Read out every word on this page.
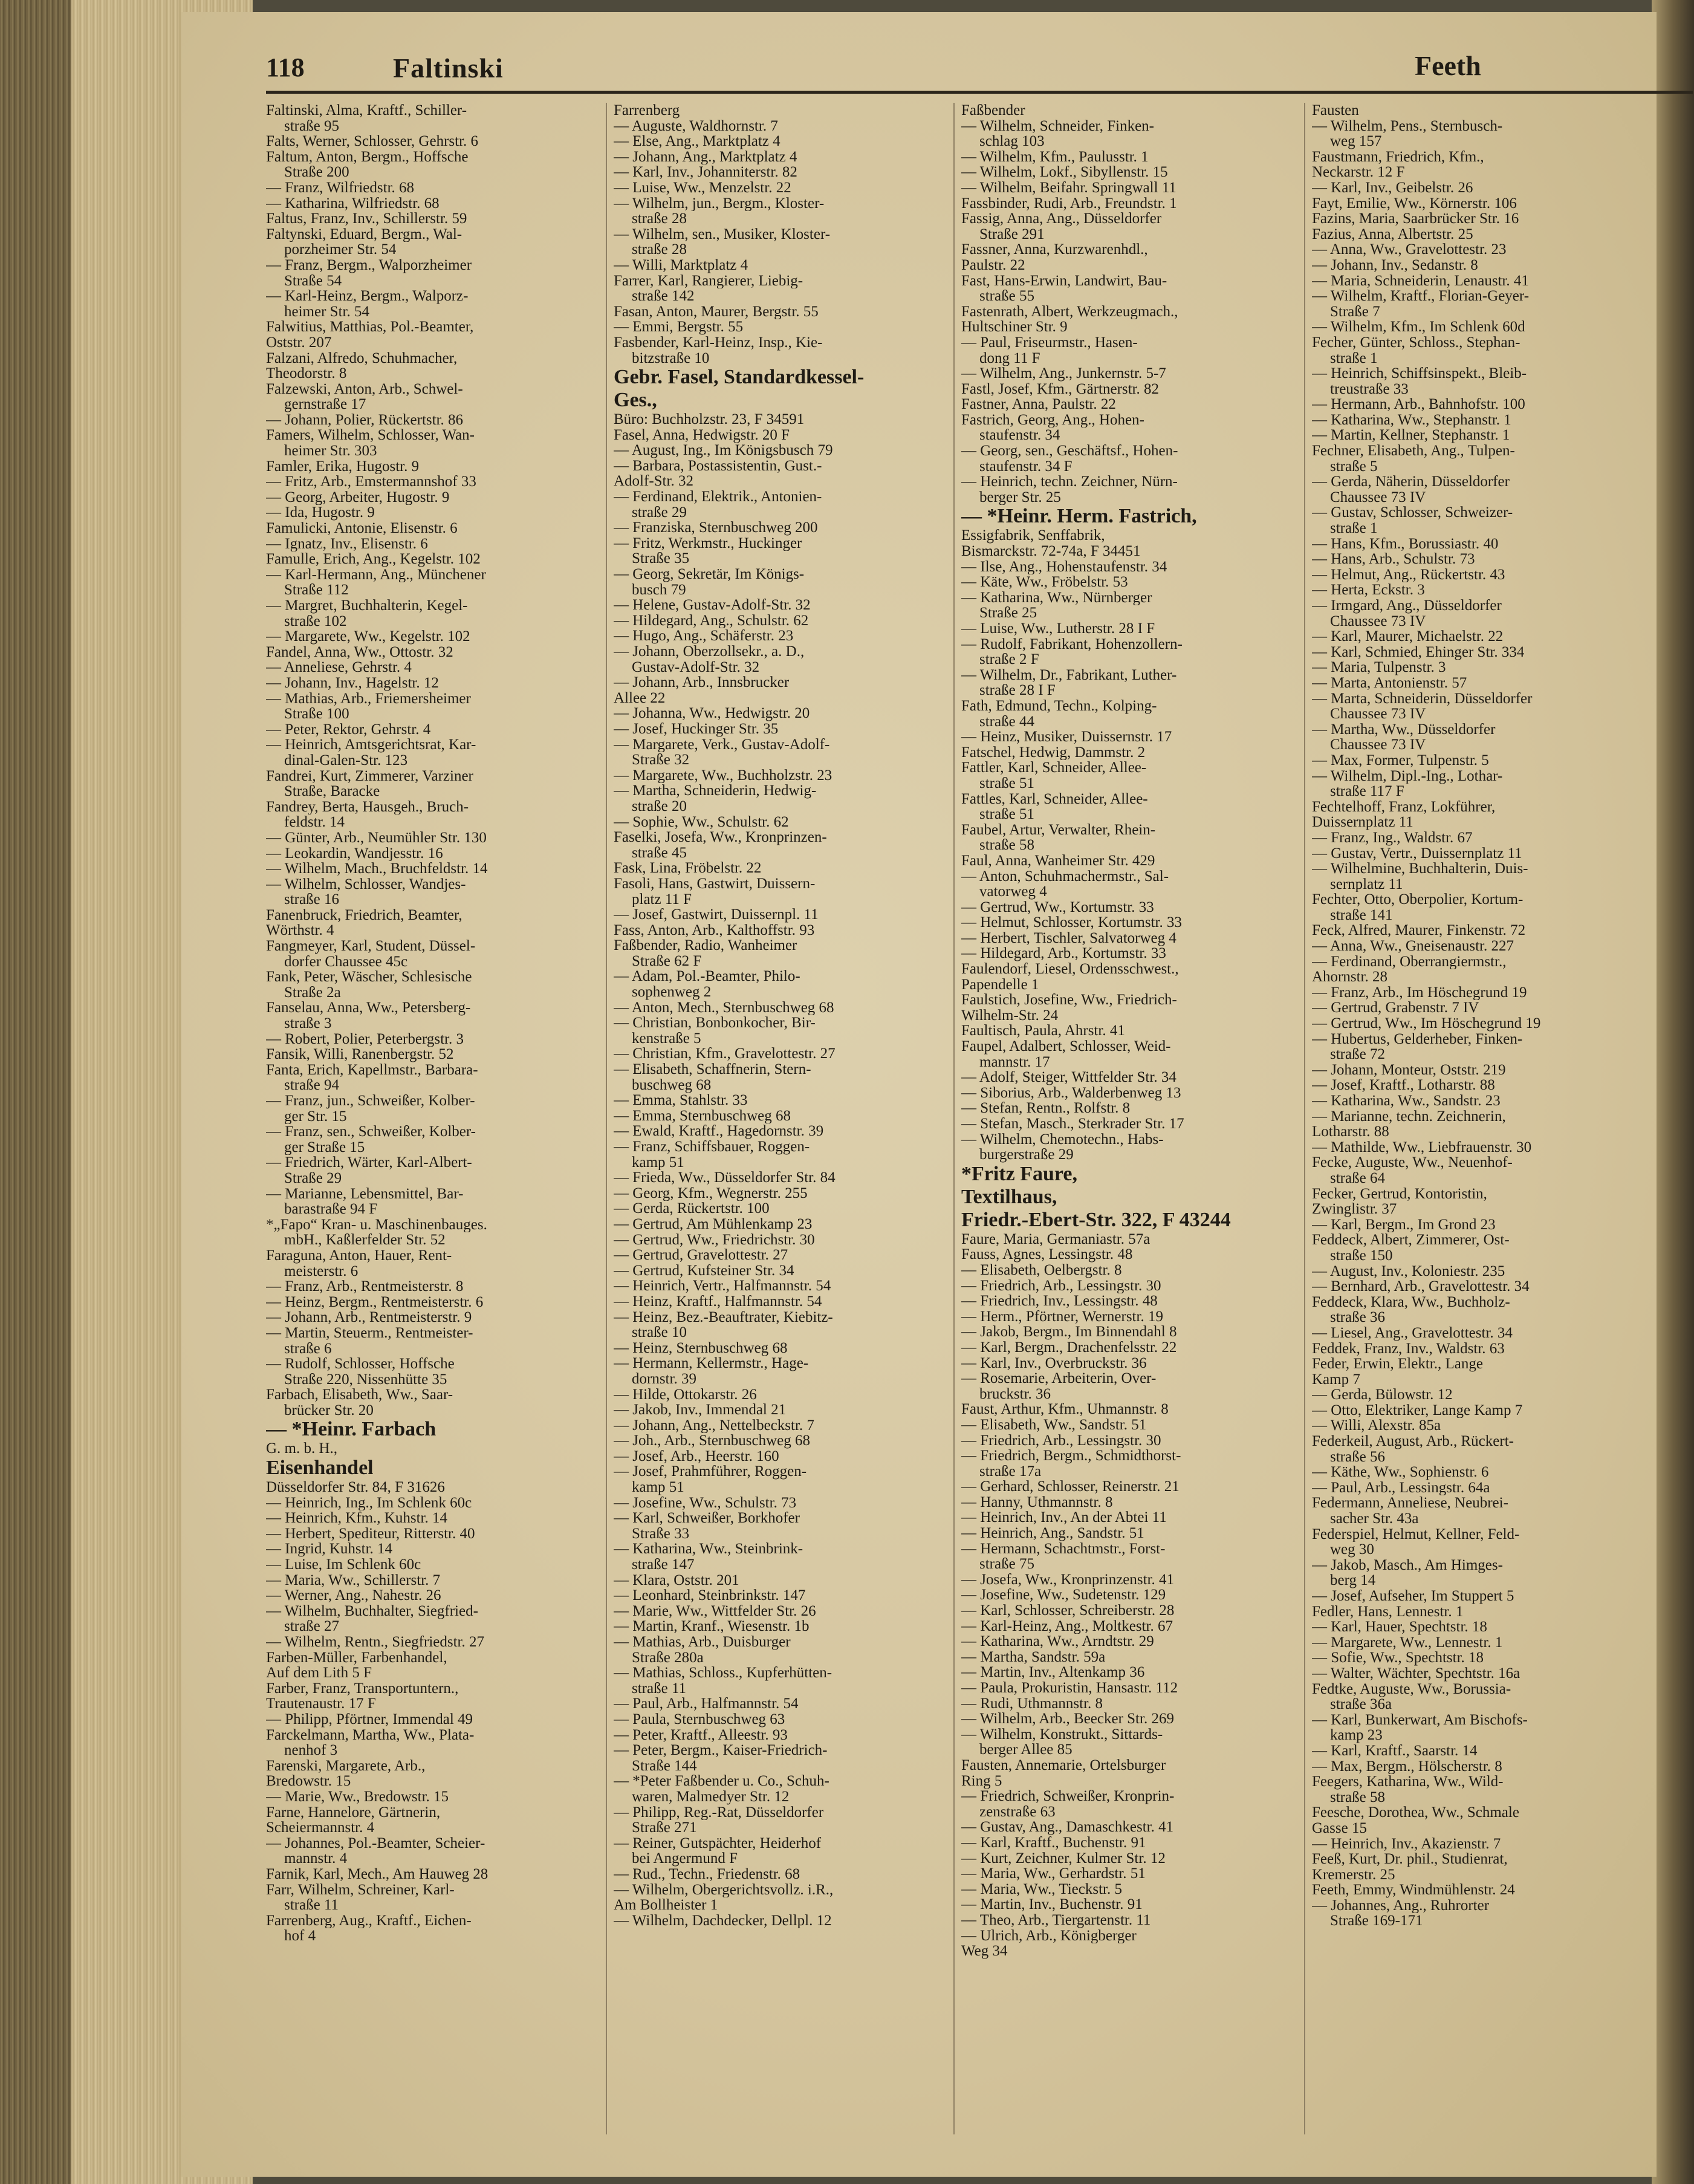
118	Faltinski	Feeth
Faltinski, Alma, Kraftf., Schiller-
straße 95
Falts, Werner, Schlosser, Gehrstr. 6
Faltum, Anton, Bergm., Hoffsche
Straße 200
— Franz, Wilfriedstr. 68
— Katharina, Wilfriedstr. 68
Faltus, Franz, Inv., Schillerstr. 59
Faltynski, Eduard, Bergm., Wal-
porzheimer Str. 54
— Franz, Bergm., Walporzheimer
Straße 54
— Karl-Heinz, Bergm., Walporz-
heimer Str. 54
Falwitius, Matthias, Pol.-Beamter,
Oststr. 207
Falzani, Alfredo, Schuhmacher,
Theodorstr. 8
Falzewski, Anton, Arb., Schwel-
gernstraße 17
— Johann, Polier, Rückertstr. 86
Famers, Wilhelm, Schlosser, Wan-
heimer Str. 303
Famler, Erika, Hugostr. 9
— Fritz, Arb., Emstermannshof 33
— Georg, Arbeiter, Hugostr. 9
— Ida, Hugostr. 9
Famulicki, Antonie, Elisenstr. 6
— Ignatz, Inv., Elisenstr. 6
Famulle, Erich, Ang., Kegelstr. 102
— Karl-Hermann, Ang., Münchener
Straße 112
— Margret, Buchhalterin, Kegel-
straße 102
— Margarete, Ww., Kegelstr. 102
Fandel, Anna, Ww., Ottostr. 32
— Anneliese, Gehrstr. 4
— Johann, Inv., Hagelstr. 12
— Mathias, Arb., Friemersheimer
Straße 100
— Peter, Rektor, Gehrstr. 4
— Heinrich, Amtsgerichtsrat, Kar-
dinal-Galen-Str. 123
Fandrei, Kurt, Zimmerer, Varziner
Straße, Baracke
Fandrey, Berta, Hausgeh., Bruch-
feldstr. 14
— Günter, Arb., Neumühler Str. 130
— Leokardin, Wandjesstr. 16
— Wilhelm, Mach., Bruchfeldstr. 14
— Wilhelm, Schlosser, Wandjes-
straße 16
Fanenbruck, Friedrich, Beamter,
Wörthstr. 4
Fangmeyer, Karl, Student, Düssel-
dorfer Chaussee 45c
Fank, Peter, Wäscher, Schlesische
Straße 2a
Fanselau, Anna, Ww., Petersberg-
straße 3
— Robert, Polier, Peterbergstr. 3
Fansik, Willi, Ranenbergstr. 52
Fanta, Erich, Kapellmstr., Barbara-
straße 94
— Franz, jun., Schweißer, Kolber-
ger Str. 15
— Franz, sen., Schweißer, Kolber-
ger Straße 15
— Friedrich, Wärter, Karl-Albert-
Straße 29
— Marianne, Lebensmittel, Bar-
barastraße 94 F
*„Fapo“ Kran- u. Maschinenbauges.
mbH., Kaßlerfelder Str. 52
Faraguna, Anton, Hauer, Rent-
meisterstr. 6
— Franz, Arb., Rentmeisterstr. 8
— Heinz, Bergm., Rentmeisterstr. 6
— Johann, Arb., Rentmeisterstr. 9
— Martin, Steuerm., Rentmeister-
straße 6
— Rudolf, Schlosser, Hoffsche
Straße 220, Nissenhütte 35
Farbach, Elisabeth, Ww., Saar-
brücker Str. 20
— *Heinr. Farbach
G. m. b. H.,
Eisenhandel
Düsseldorfer Str. 84, F 31626
— Heinrich, Ing., Im Schlenk 60c
— Heinrich, Kfm., Kuhstr. 14
— Herbert, Spediteur, Ritterstr. 40
— Ingrid, Kuhstr. 14
— Luise, Im Schlenk 60c
— Maria, Ww., Schillerstr. 7
— Werner, Ang., Nahestr. 26
— Wilhelm, Buchhalter, Siegfried-
straße 27
— Wilhelm, Rentn., Siegfriedstr. 27
Farben-Müller, Farbenhandel,
Auf dem Lith 5 F
Farber, Franz, Transportuntern.,
Trautenaustr. 17 F
— Philipp, Pförtner, Immendal 49
Farckelmann, Martha, Ww., Plata-
nenhof 3
Farenski, Margarete, Arb.,
Bredowstr. 15
— Marie, Ww., Bredowstr. 15
Farne, Hannelore, Gärtnerin,
Scheiermannstr. 4
— Johannes, Pol.-Beamter, Scheier-
mannstr. 4
Farnik, Karl, Mech., Am Hauweg 28
Farr, Wilhelm, Schreiner, Karl-
straße 11
Farrenberg, Aug., Kraftf., Eichen-
hof 4
Farrenberg
— Auguste, Waldhornstr. 7
— Else, Ang., Marktplatz 4
— Johann, Ang., Marktplatz 4
— Karl, Inv., Johanniterstr. 82
— Luise, Ww., Menzelstr. 22
— Wilhelm, jun., Bergm., Kloster-
straße 28
— Wilhelm, sen., Musiker, Kloster-
straße 28
— Willi, Marktplatz 4
Farrer, Karl, Rangierer, Liebig-
straße 142
Fasan, Anton, Maurer, Bergstr. 55
— Emmi, Bergstr. 55
Fasbender, Karl-Heinz, Insp., Kie-
bitzstraße 10
Gebr. Fasel, Standardkessel-
Ges.,
Büro: Buchholzstr. 23, F 34591
Fasel, Anna, Hedwigstr. 20 F
— August, Ing., Im Königsbusch 79
— Barbara, Postassistentin, Gust.-
Adolf-Str. 32
— Ferdinand, Elektrik., Antonien-
straße 29
— Franziska, Sternbuschweg 200
— Fritz, Werkmstr., Huckinger
Straße 35
— Georg, Sekretär, Im Königs-
busch 79
— Helene, Gustav-Adolf-Str. 32
— Hildegard, Ang., Schulstr. 62
— Hugo, Ang., Schäferstr. 23
— Johann, Oberzollsekr., a. D.,
Gustav-Adolf-Str. 32
— Johann, Arb., Innsbrucker
Allee 22
— Johanna, Ww., Hedwigstr. 20
— Josef, Huckinger Str. 35
— Margarete, Verk., Gustav-Adolf-
Straße 32
— Margarete, Ww., Buchholzstr. 23
— Martha, Schneiderin, Hedwig-
straße 20
— Sophie, Ww., Schulstr. 62
Faselki, Josefa, Ww., Kronprinzen-
straße 45
Fask, Lina, Fröbelstr. 22
Fasoli, Hans, Gastwirt, Duissern-
platz 11 F
— Josef, Gastwirt, Duissernpl. 11
Fass, Anton, Arb., Kalthoffstr. 93
Faßbender, Radio, Wanheimer
Straße 62 F
— Adam, Pol.-Beamter, Philo-
sophenweg 2
— Anton, Mech., Sternbuschweg 68
— Christian, Bonbonkocher, Bir-
kenstraße 5
— Christian, Kfm., Gravelottestr. 27
— Elisabeth, Schaffnerin, Stern-
buschweg 68
— Emma, Stahlstr. 33
— Emma, Sternbuschweg 68
— Ewald, Kraftf., Hagedornstr. 39
— Franz, Schiffsbauer, Roggen-
kamp 51
— Frieda, Ww., Düsseldorfer Str. 84
— Georg, Kfm., Wegnerstr. 255
— Gerda, Rückertstr. 100
— Gertrud, Am Mühlenkamp 23
— Gertrud, Ww., Friedrichstr. 30
— Gertrud, Gravelottestr. 27
— Gertrud, Kufsteiner Str. 34
— Heinrich, Vertr., Halfmannstr. 54
— Heinz, Kraftf., Halfmannstr. 54
— Heinz, Bez.-Beauftrater, Kiebitz-
straße 10
— Heinz, Sternbuschweg 68
— Hermann, Kellermstr., Hage-
dornstr. 39
— Hilde, Ottokarstr. 26
— Jakob, Inv., Immendal 21
— Johann, Ang., Nettelbeckstr. 7
— Joh., Arb., Sternbuschweg 68
— Josef, Arb., Heerstr. 160
— Josef, Prahmführer, Roggen-
kamp 51
— Josefine, Ww., Schulstr. 73
— Karl, Schweißer, Borkhofer
Straße 33
— Katharina, Ww., Steinbrink-
straße 147
— Klara, Oststr. 201
— Leonhard, Steinbrinkstr. 147
— Marie, Ww., Wittfelder Str. 26
— Martin, Kranf., Wiesenstr. 1b
— Mathias, Arb., Duisburger
Straße 280a
— Mathias, Schloss., Kupferhütten-
straße 11
— Paul, Arb., Halfmannstr. 54
— Paula, Sternbuschweg 63
— Peter, Kraftf., Alleestr. 93
— Peter, Bergm., Kaiser-Friedrich-
Straße 144
— *Peter Faßbender u. Co., Schuh-
waren, Malmedyer Str. 12
— Philipp, Reg.-Rat, Düsseldorfer
Straße 271
— Reiner, Gutspächter, Heiderhof
bei Angermund F
— Rud., Techn., Friedenstr. 68
— Wilhelm, Obergerichtsvollz. i.R.,
Am Bollheister 1
— Wilhelm, Dachdecker, Dellpl. 12
Faßbender
— Wilhelm, Schneider, Finken-
schlag 103
— Wilhelm, Kfm., Paulusstr. 1
— Wilhelm, Lokf., Sibyllenstr. 15
— Wilhelm, Beifahr. Springwall 11
Fassbinder, Rudi, Arb., Freundstr. 1
Fassig, Anna, Ang., Düsseldorfer
Straße 291
Fassner, Anna, Kurzwarenhdl.,
Paulstr. 22
Fast, Hans-Erwin, Landwirt, Bau-
straße 55
Fastenrath, Albert, Werkzeugmach.,
Hultschiner Str. 9
— Paul, Friseurmstr., Hasen-
dong 11 F
— Wilhelm, Ang., Junkernstr. 5-7
Fastl, Josef, Kfm., Gärtnerstr. 82
Fastner, Anna, Paulstr. 22
Fastrich, Georg, Ang., Hohen-
staufenstr. 34
— Georg, sen., Geschäftsf., Hohen-
staufenstr. 34 F
— Heinrich, techn. Zeichner, Nürn-
berger Str. 25
— *Heinr. Herm. Fastrich,
Essigfabrik, Senffabrik,
Bismarckstr. 72-74a, F 34451
— Ilse, Ang., Hohenstaufenstr. 34
— Käte, Ww., Fröbelstr. 53
— Katharina, Ww., Nürnberger
Straße 25
— Luise, Ww., Lutherstr. 28 I F
— Rudolf, Fabrikant, Hohenzollern-
straße 2 F
— Wilhelm, Dr., Fabrikant, Luther-
straße 28 I F
Fath, Edmund, Techn., Kolping-
straße 44
— Heinz, Musiker, Duissernstr. 17
Fatschel, Hedwig, Dammstr. 2
Fattler, Karl, Schneider, Allee-
straße 51
Fattles, Karl, Schneider, Allee-
straße 51
Faubel, Artur, Verwalter, Rhein-
straße 58
Faul, Anna, Wanheimer Str. 429
— Anton, Schuhmachermstr., Sal-
vatorweg 4
— Gertrud, Ww., Kortumstr. 33
— Helmut, Schlosser, Kortumstr. 33
— Herbert, Tischler, Salvatorweg 4
— Hildegard, Arb., Kortumstr. 33
Faulendorf, Liesel, Ordensschwest.,
Papendelle 1
Faulstich, Josefine, Ww., Friedrich-
Wilhelm-Str. 24
Faultisch, Paula, Ahrstr. 41
Faupel, Adalbert, Schlosser, Weid-
mannstr. 17
— Adolf, Steiger, Wittfelder Str. 34
— Siborius, Arb., Walderbenweg 13
— Stefan, Rentn., Rolfstr. 8
— Stefan, Masch., Sterkrader Str. 17
— Wilhelm, Chemotechn., Habs-
burgerstraße 29
*Fritz Faure,
Textilhaus,
Friedr.-Ebert-Str. 322, F 43244
Faure, Maria, Germaniastr. 57a
Fauss, Agnes, Lessingstr. 48
— Elisabeth, Oelbergstr. 8
— Friedrich, Arb., Lessingstr. 30
— Friedrich, Inv., Lessingstr. 48
— Herm., Pförtner, Wernerstr. 19
— Jakob, Bergm., Im Binnendahl 8
— Karl, Bergm., Drachenfelsstr. 22
— Karl, Inv., Overbruckstr. 36
— Rosemarie, Arbeiterin, Over-
bruckstr. 36
Faust, Arthur, Kfm., Uhmannstr. 8
— Elisabeth, Ww., Sandstr. 51
— Friedrich, Arb., Lessingstr. 30
— Friedrich, Bergm., Schmidthorst-
straße 17a
— Gerhard, Schlosser, Reinerstr. 21
— Hanny, Uthmannstr. 8
— Heinrich, Inv., An der Abtei 11
— Heinrich, Ang., Sandstr. 51
— Hermann, Schachtmstr., Forst-
straße 75
— Josefa, Ww., Kronprinzenstr. 41
— Josefine, Ww., Sudetenstr. 129
— Karl, Schlosser, Schreiberstr. 28
— Karl-Heinz, Ang., Moltkestr. 67
— Katharina, Ww., Arndtstr. 29
— Martha, Sandstr. 59a
— Martin, Inv., Altenkamp 36
— Paula, Prokuristin, Hansastr. 112
— Rudi, Uthmannstr. 8
— Wilhelm, Arb., Beecker Str. 269
— Wilhelm, Konstrukt., Sittards-
berger Allee 85
Fausten, Annemarie, Ortelsburger
Ring 5
— Friedrich, Schweißer, Kronprin-
zenstraße 63
— Gustav, Ang., Damaschkestr. 41
— Karl, Kraftf., Buchenstr. 91
— Kurt, Zeichner, Kulmer Str. 12
— Maria, Ww., Gerhardstr. 51
— Maria, Ww., Tieckstr. 5
— Martin, Inv., Buchenstr. 91
— Theo, Arb., Tiergartenstr. 11
— Ulrich, Arb., Königberger
Weg 34
Fausten
— Wilhelm, Pens., Sternbusch-
weg 157
Faustmann, Friedrich, Kfm.,
Neckarstr. 12 F
— Karl, Inv., Geibelstr. 26
Fayt, Emilie, Ww., Körnerstr. 106
Fazins, Maria, Saarbrücker Str. 16
Fazius, Anna, Albertstr. 25
— Anna, Ww., Gravelottestr. 23
— Johann, Inv., Sedanstr. 8
— Maria, Schneiderin, Lenaustr. 41
— Wilhelm, Kraftf., Florian-Geyer-
Straße 7
— Wilhelm, Kfm., Im Schlenk 60d
Fecher, Günter, Schloss., Stephan-
straße 1
— Heinrich, Schiffsinspekt., Bleib-
treustraße 33
— Hermann, Arb., Bahnhofstr. 100
— Katharina, Ww., Stephanstr. 1
— Martin, Kellner, Stephanstr. 1
Fechner, Elisabeth, Ang., Tulpen-
straße 5
— Gerda, Näherin, Düsseldorfer
Chaussee 73 IV
— Gustav, Schlosser, Schweizer-
straße 1
— Hans, Kfm., Borussiastr. 40
— Hans, Arb., Schulstr. 73
— Helmut, Ang., Rückertstr. 43
— Herta, Eckstr. 3
— Irmgard, Ang., Düsseldorfer
Chaussee 73 IV
— Karl, Maurer, Michaelstr. 22
— Karl, Schmied, Ehinger Str. 334
— Maria, Tulpenstr. 3
— Marta, Antonienstr. 57
— Marta, Schneiderin, Düsseldorfer
Chaussee 73 IV
— Martha, Ww., Düsseldorfer
Chaussee 73 IV
— Max, Former, Tulpenstr. 5
— Wilhelm, Dipl.-Ing., Lothar-
straße 117 F
Fechtelhoff, Franz, Lokführer,
Duissernplatz 11
— Franz, Ing., Waldstr. 67
— Gustav, Vertr., Duissernplatz 11
— Wilhelmine, Buchhalterin, Duis-
sernplatz 11
Fechter, Otto, Oberpolier, Kortum-
straße 141
Feck, Alfred, Maurer, Finkenstr. 72
— Anna, Ww., Gneisenaustr. 227
— Ferdinand, Oberrangiermstr.,
Ahornstr. 28
— Franz, Arb., Im Höschegrund 19
— Gertrud, Grabenstr. 7 IV
— Gertrud, Ww., Im Höschegrund 19
— Hubertus, Gelderheber, Finken-
straße 72
— Johann, Monteur, Oststr. 219
— Josef, Kraftf., Lotharstr. 88
— Katharina, Ww., Sandstr. 23
— Marianne, techn. Zeichnerin,
Lotharstr. 88
— Mathilde, Ww., Liebfrauenstr. 30
Fecke, Auguste, Ww., Neuenhof-
straße 64
Fecker, Gertrud, Kontoristin,
Zwinglistr. 37
— Karl, Bergm., Im Grond 23
Feddeck, Albert, Zimmerer, Ost-
straße 150
— August, Inv., Koloniestr. 235
— Bernhard, Arb., Gravelottestr. 34
Feddeck, Klara, Ww., Buchholz-
straße 36
— Liesel, Ang., Gravelottestr. 34
Feddek, Franz, Inv., Waldstr. 63
Feder, Erwin, Elektr., Lange
Kamp 7
— Gerda, Bülowstr. 12
— Otto, Elektriker, Lange Kamp 7
— Willi, Alexstr. 85a
Federkeil, August, Arb., Rückert-
straße 56
— Käthe, Ww., Sophienstr. 6
— Paul, Arb., Lessingstr. 64a
Federmann, Anneliese, Neubrei-
sacher Str. 43a
Federspiel, Helmut, Kellner, Feld-
weg 30
— Jakob, Masch., Am Himges-
berg 14
— Josef, Aufseher, Im Stuppert 5
Fedler, Hans, Lennestr. 1
— Karl, Hauer, Spechtstr. 18
— Margarete, Ww., Lennestr. 1
— Sofie, Ww., Spechtstr. 18
— Walter, Wächter, Spechtstr. 16a
Fedtke, Auguste, Ww., Borussia-
straße 36a
— Karl, Bunkerwart, Am Bischofs-
kamp 23
— Karl, Kraftf., Saarstr. 14
— Max, Bergm., Hölscherstr. 8
Feegers, Katharina, Ww., Wild-
straße 58
Feesche, Dorothea, Ww., Schmale
Gasse 15
— Heinrich, Inv., Akazienstr. 7
Feeß, Kurt, Dr. phil., Studienrat,
Kremerstr. 25
Feeth, Emmy, Windmühlenstr. 24
— Johannes, Ang., Ruhrorter
Straße 169-171
